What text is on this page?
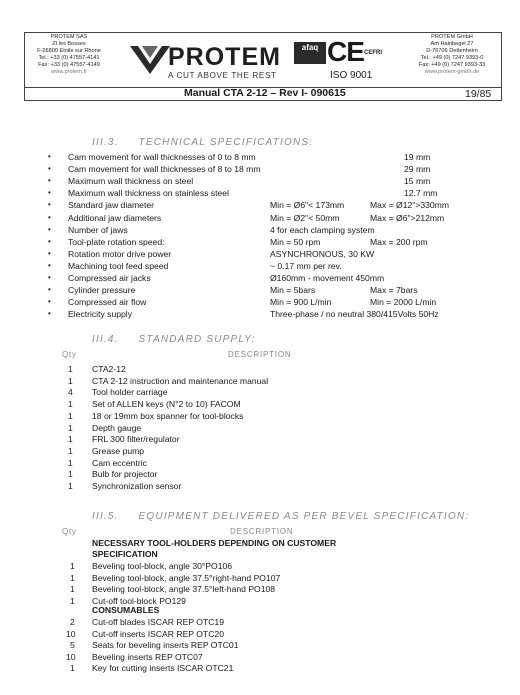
PROTEM SAS
ZI les Bosses
F-26800 Etoile sur Rhone
Tel.: +33 (0) 47557-4141
Fax: +33 (0) 47557-4149
www.protem.fr
PROTEM
A CUT ABOVE THE REST
afaq CE CEFRI
ISO 9001
PROTEM GmbH
Am Hainbegel 27
D-76706 Dettenheim
Tel.: +49 (0) 7247 9393-0
Fax: +49 (0) 7247 9393-33
www.protem-gmbh.de
Manual CTA 2-12 – Rev I- 090615	19/85
III.3.     TECHNICAL SPECIFICATIONS:
• Cam movement for wall thicknesses of 0 to 8 mm	19 mm
• Cam movement for wall thicknesses of 8 to 18 mm	29 mm
• Maximum wall thickness on steel	15 mm
• Maximum wall thickness on stainless steel	12.7 mm
• Standard jaw diameter	Min = Ø6"< 173mm	Max = Ø12">330mm
• Additional jaw diameters	Min = Ø2"< 50mm	Max = Ø6">212mm
• Number of jaws	4 for each clamping system
• Tool-plate rotation speed:	Min = 50 rpm	Max = 200 rpm
• Rotation motor drive power	ASYNCHRONOUS, 30 KW
• Machining tool feed speed	~ 0.17 mm per rev.
• Compressed air jacks	Ø160mm - movement 450mm
• Cylinder pressure	Min = 5bars	Max = 7bars
• Compressed air flow	Min = 900 L/min	Min = 2000 L/min
• Electricity supply	Three-phase / no neutral 380/415Volts 50Hz
III.4.     STANDARD SUPPLY:
Qty	DESCRIPTION
1 CTA2-12
1 CTA 2-12 instruction and maintenance manual
4 Tool holder carriage
1 Set of ALLEN keys (N°2 to 10) FACOM
1 18 or 19mm box spanner for tool-blocks
1 Depth gauge
1 FRL 300 filter/regulator
1 Grease pump
1 Cam eccentric
1 Bulb for projector
1 Synchronization sensor
III.5.     EQUIPMENT DELIVERED AS PER BEVEL SPECIFICATION:
Qty	DESCRIPTION
NECESSARY TOOL-HOLDERS DEPENDING ON CUSTOMER
SPECIFICATION
1 Beveling tool-block, angle 30°PO106
1 Beveling tool-block, angle 37.5°right-hand PO107
1 Beveling tool-block, angle 37.5°left-hand PO108
1 Cut-off tool-block PO129
CONSUMABLES
2 Cut-off blades ISCAR REP OTC19
10 Cut-off inserts ISCAR REP OTC20
5 Seats for beveling inserts REP OTC01
10 Beveling inserts REP OTC07
1 Key for cutting inserts ISCAR OTC21
